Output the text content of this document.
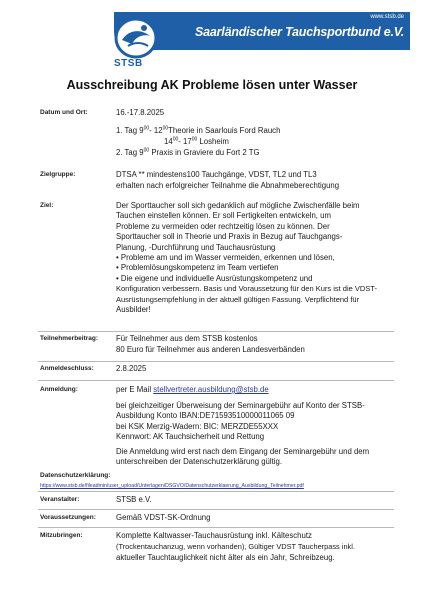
www.stsb.de
Saarländischer Tauchsportbund e.V.
STSB
Ausschreibung AK Probleme lösen unter Wasser
Datum und Ort:	16.-17.8.2025
1. Tag $9^{00}-$ $12^{00}Theorie$ in Saarlouis Ford Rauch
$14^{00}-$ $17^{00}$ Losheim
2. Tag $9^{00}$ Praxis in Graviere du Fort 2 TG
Zielgruppe:	DTSA ** mindestens100 Tauchgänge, VDST, TL2 und TL3
erhalten nach erfolgreicher Teilnahme die Abnahmeberechtigung
Ziel:	Der Sporttaucher soll sich gedanklich auf mögliche Zwischenfälle beim
Tauchen einstellen können. Er soll Fertigkeiten entwickeln, um
Probleme zu vermeiden oder rechtzeitig lösen zu können. Der
Sporttaucher soll in Theorie und Praxis in Bezug auf Tauchgangs-
Planung, -Durchführung und Tauchausrüstung
• Probleme am und im Wasser vermeiden, erkennen und lösen,
• Problemlösungskompetenz im Team vertiefen
• Die eigene und individuelle Ausrüstungskompetenz und
Konfiguration verbessern. Basis und Voraussetzung für den Kurs ist die VDST-
Ausrüstungsempfehlung in der aktuell gültigen Fassung. Verpflichtend für
Ausbilder!
Teilnehmerbeitrag: Für Teilnehmer aus dem STSB kostenlos
80 Euro für Teilnehmer aus anderen Landesverbänden
Anmeldeschluss:	2.8.2025
Anmeldung:	per E Mail stellvertreter.ausbildung@stsb.de
bei gleichzeitiger Überweisung der Seminargebühr auf Konto der STSB-
Ausbildung Konto IBAN:DE71593510000011065 09
bei KSK Merzig-Wadern: BIC: MERZDE55XXX
Kennwort: AK Tauchsicherheit und Rettung
Die Anmeldung wird erst nach dem Eingang der Seminargebühr und dem
unterschreiben der Datenschutzerklärung gültig.
Datenschutzerklärung:
https://www.stsb.de/fileadmin/user_upload/Unterlagen/DSGVO/Datenschutzerklaerung_Ausbildung_Teilnehmer.pdf
Veranstalter:	STSB e.V.
Voraussetzungen:	Gemäß VDST-SK-Ordnung
Mitzubringen:	Komplette Kaltwasser-Tauchausrüstung inkl. Kälteschutz
(Trockentauchanzug, wenn vorhanden), Gültiger VDST Taucherpass inkl.
aktueller Tauchtauglichkeit nicht älter als ein Jahr, Schreibzeug.
